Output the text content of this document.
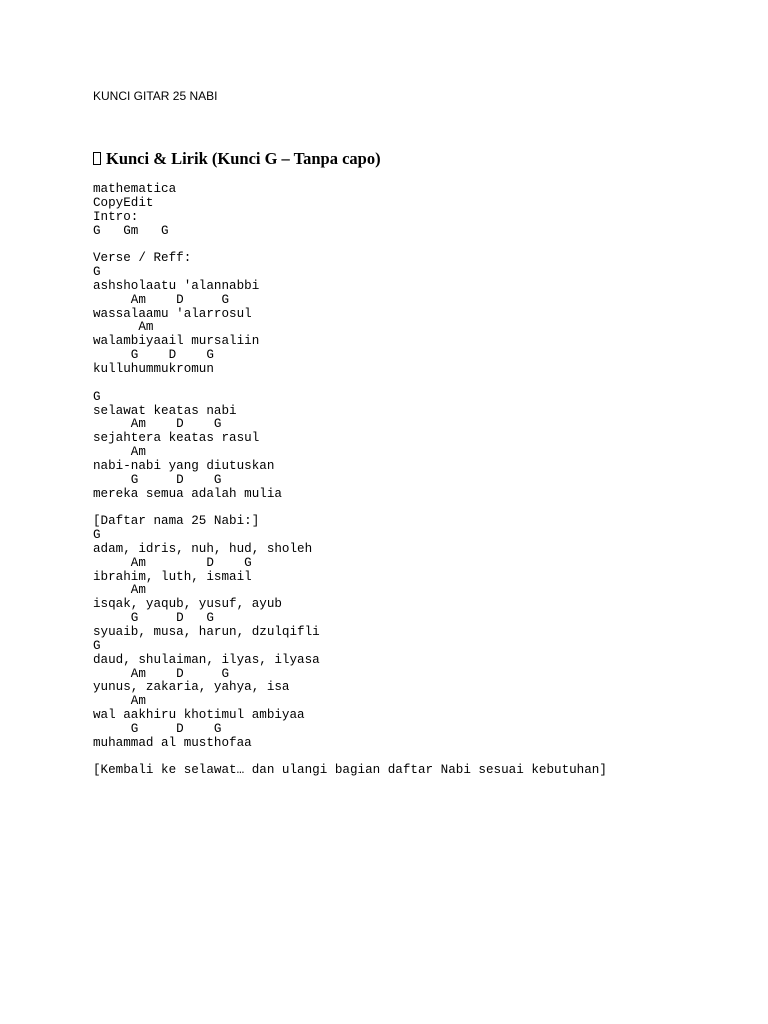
KUNCI GITAR 25 NABI
Kunci & Lirik (Kunci G – Tanpa capo)
mathematica
CopyEdit
Intro:
G   Gm   G
Verse / Reff:
G
ashsholaatu 'alannabbi
Am    D     G
wassalaamu 'alarrosul
Am
walambiyaail mursaliin
G    D    G
kulluhummukromun
G
selawat keatas nabi
Am    D    G
sejahtera keatas rasul
Am
nabi-nabi yang diutuskan
G     D    G
mereka semua adalah mulia
[Daftar nama 25 Nabi:]
G
adam, idris, nuh, hud, sholeh
Am        D    G
ibrahim, luth, ismail
Am
isqak, yaqub, yusuf, ayub
G     D   G
syuaib, musa, harun, dzulqifli
G
daud, shulaiman, ilyas, ilyasa
Am    D     G
yunus, zakaria, yahya, isa
Am
wal aakhiru khotimul ambiyaa
G     D    G
muhammad al musthofaa
[Kembali ke selawat… dan ulangi bagian daftar Nabi sesuai kebutuhan]
